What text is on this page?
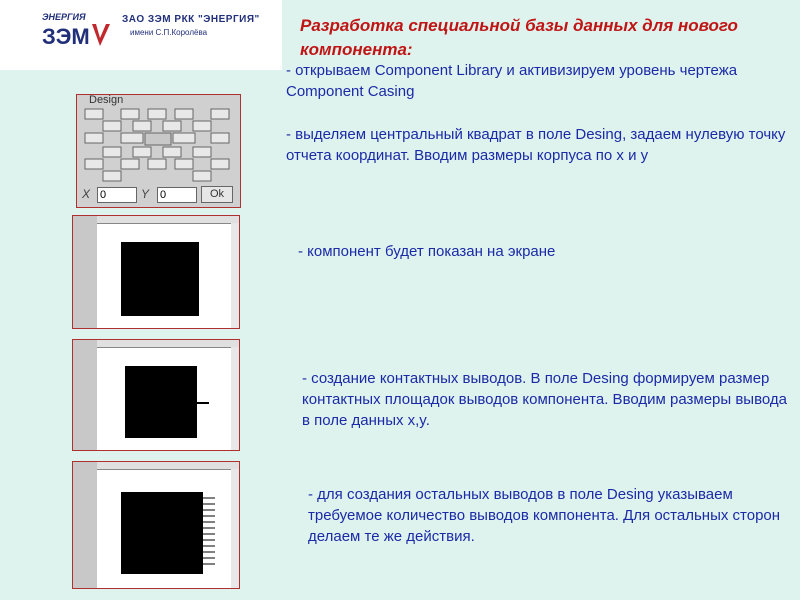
ЭНЕРГИЯ
ЗЭМ
ЗАО ЗЭМ РКК "ЭНЕРГИЯ"
имени С.П.Королёва	Разработка специальной базы данных для нового компонента:
- открываем Component Library и активизируем уровень чертежа Component Casing
- выделяем центральный квадрат в поле Desing, задаем нулевую точку отчета координат. Вводим размеры корпуса по x и y
- компонент будет показан на экране
- создание контактных выводов. В поле Desing формируем размер контактных площадок выводов компонента. Вводим размеры вывода в поле данных x,y.
- для создания остальных выводов в поле Desing указываем требуемое количество выводов компонента. Для остальных сторон делаем те же действия.
Design
X 0	Y 0	Ok
